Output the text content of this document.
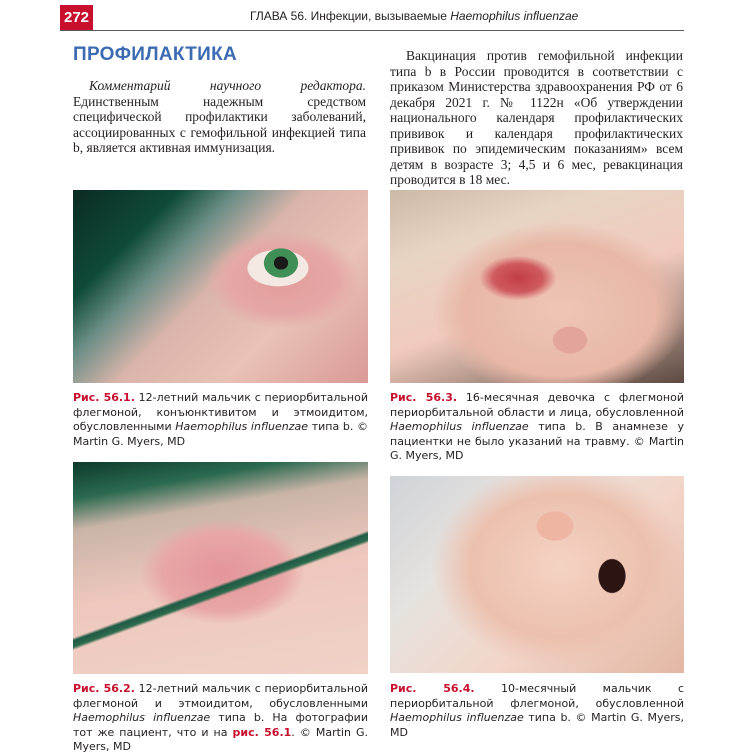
272	ГЛАВА 56. Инфекции, вызываемые Haemophilus influenzae
ПРОФИЛАКТИКА
Комментарий научного редактора. Единственным надежным средством специфической профилактики заболеваний, ассоциированных с гемофильной инфекцией типа b, является активная иммунизация.
Вакцинация против гемофильной инфекции типа b в России проводится в соответствии с приказом Министерства здравоохранения РФ от 6 декабря 2021 г. № 1122н «Об утверждении национального календаря профилактических прививок и календаря профилактических прививок по эпидемическим показаниям» всем детям в возрасте 3; 4,5 и 6 мес, ревакцинация проводится в 18 мес.
Рис. 56.1. 12-летний мальчик с периорбитальной флегмоной, конъюнктивитом и этмоидитом, обусловленными Haemophilus influenzae типа b. © Martin G. Myers, MD
Рис. 56.3. 16-месячная девочка с флегмоной периорбитальной области и лица, обусловленной Haemophilus influenzae типа b. В анамнезе у пациентки не было указаний на травму. © Martin G. Myers, MD
Рис. 56.2. 12-летний мальчик с периорбитальной флегмоной и этмоидитом, обусловленными Haemophilus influenzae типа b. На фотографии тот же пациент, что и на рис. 56.1. © Martin G. Myers, MD
Рис. 56.4. 10-месячный мальчик с периорбитальной флегмоной, обусловленной Haemophilus influenzae типа b. © Martin G. Myers, MD
